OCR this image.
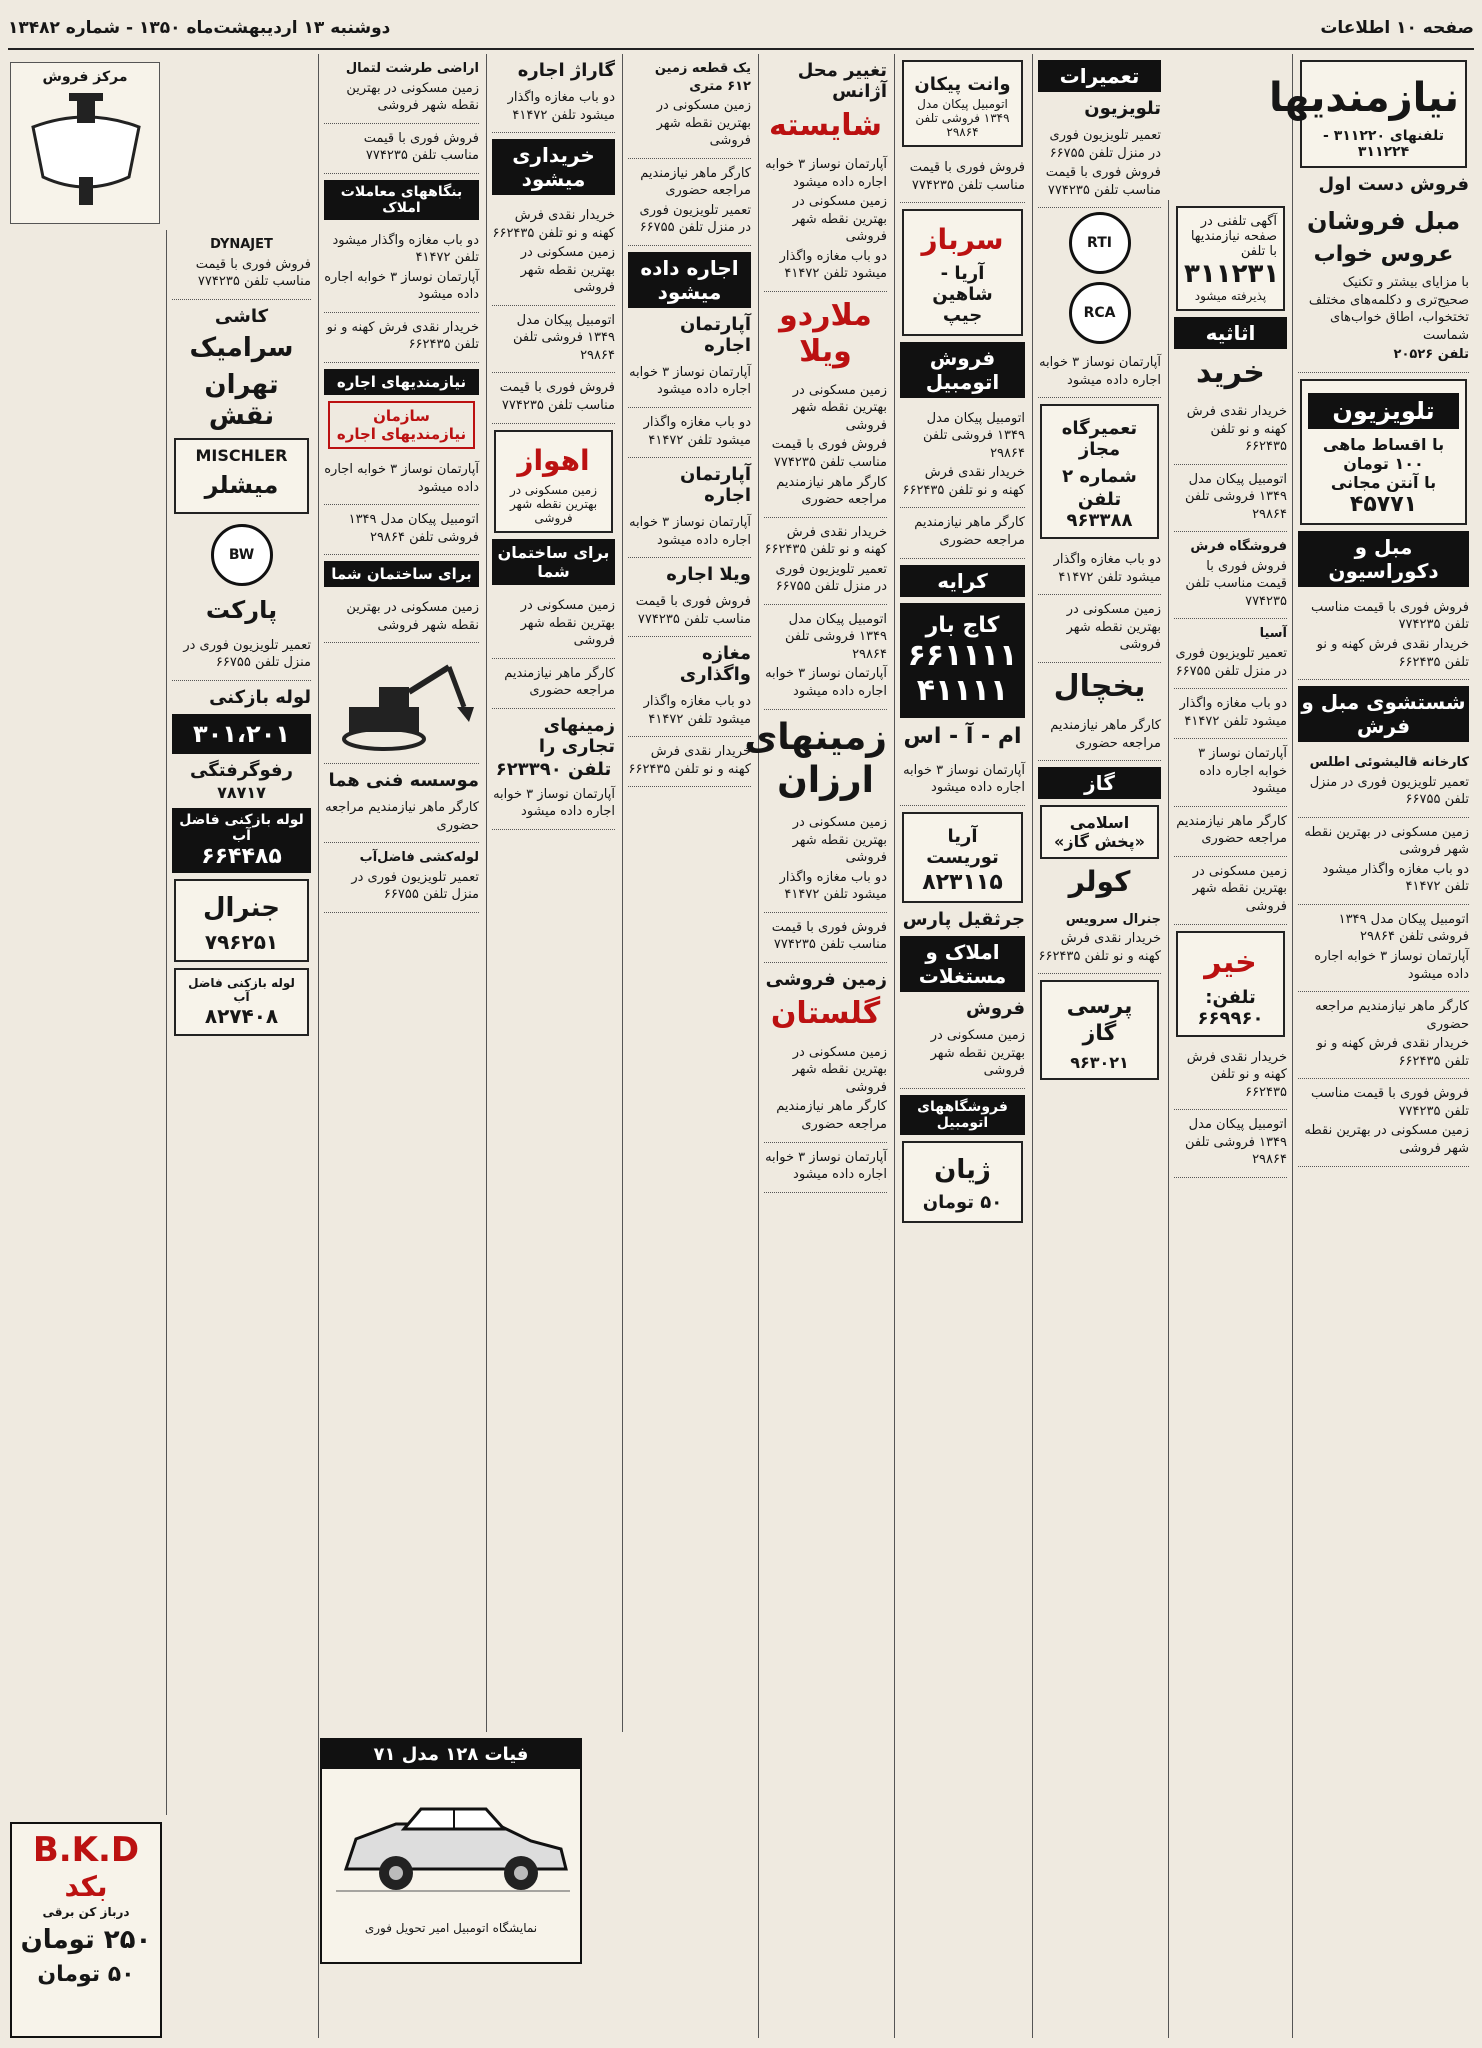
صفحه ۱۰ اطلاعات
دوشنبه ۱۳ اردیبهشت‌ماه ۱۳۵۰ - شماره ۱۳۴۸۲
نیازمندیها
تلفنهای ۳۱۱۲۲۰ - ۳۱۱۲۲۴
فروش دست اول
مبل فروشان
عروس خواب

با مزایای بیشتر و تکنیک صحیح‌تری و دکلمه‌های مختلف تختخواب، اطاق خواب‌های شماست

تلفن ۲۰۵۲۶

تلویزیون
با اقساط ماهی ۱۰۰ تومان
با آنتن مجانی
۴۵۷۷۱
مبل و دکوراسیون

فروش فوری با قیمت مناسب تلفن ۷۷۴۲۳۵

خریدار نقدی فرش کهنه و نو تلفن ۶۶۲۴۳۵

شستشوی مبل و فرش

کارخانه قالیشوئی اطلس

تعمیر تلویزیون فوری در منزل تلفن ۶۶۷۵۵

زمین مسکونی در بهترین نقطه شهر فروشی

دو باب مغازه واگذار میشود تلفن ۴۱۴۷۲

اتومبیل پیکان مدل ۱۳۴۹ فروشی تلفن ۲۹۸۶۴

آپارتمان نوساز ۳ خوابه اجاره داده میشود

کارگر ماهر نیازمندیم مراجعه حضوری

خریدار نقدی فرش کهنه و نو تلفن ۶۶۲۴۳۵

فروش فوری با قیمت مناسب تلفن ۷۷۴۲۳۵

زمین مسکونی در بهترین نقطه شهر فروشی

آگهی تلفنی در صفحه نیازمندیها با تلفن

۳۱۱۲۳۱

پذیرفته میشود

اثاثیه
خرید

خریدار نقدی فرش کهنه و نو تلفن ۶۶۲۴۳۵

اتومبیل پیکان مدل ۱۳۴۹ فروشی تلفن ۲۹۸۶۴

فروشگاه فرش

فروش فوری با قیمت مناسب تلفن ۷۷۴۲۳۵

آسیا

تعمیر تلویزیون فوری در منزل تلفن ۶۶۷۵۵

دو باب مغازه واگذار میشود تلفن ۴۱۴۷۲

آپارتمان نوساز ۳ خوابه اجاره داده میشود

کارگر ماهر نیازمندیم مراجعه حضوری

زمین مسکونی در بهترین نقطه شهر فروشی

خیر
تلفن: ۶۶۹۹۶۰

خریدار نقدی فرش کهنه و نو تلفن ۶۶۲۴۳۵

اتومبیل پیکان مدل ۱۳۴۹ فروشی تلفن ۲۹۸۶۴

تعمیرات
تلویزیون

تعمیر تلویزیون فوری در منزل تلفن ۶۶۷۵۵

فروش فوری با قیمت مناسب تلفن ۷۷۴۲۳۵

RTI RCA

آپارتمان نوساز ۳ خوابه اجاره داده میشود

تعمیرگاه مجاز
شماره ۲
تلفن ۹۶۳۳۸۸

دو باب مغازه واگذار میشود تلفن ۴۱۴۷۲

زمین مسکونی در بهترین نقطه شهر فروشی

یخچال

کارگر ماهر نیازمندیم مراجعه حضوری

گاز
اسلامی «پخش گاز»
کولر

جنرال سرویس

خریدار نقدی فرش کهنه و نو تلفن ۶۶۲۴۳۵

پرسی گاز
۹۶۳۰۲۱
وانت پیکان

اتومبیل پیکان مدل ۱۳۴۹ فروشی تلفن ۲۹۸۶۴

فروش فوری با قیمت مناسب تلفن ۷۷۴۲۳۵

سرباز
آریا - شاهین جیپ
فروش اتومبیل

اتومبیل پیکان مدل ۱۳۴۹ فروشی تلفن ۲۹۸۶۴

خریدار نقدی فرش کهنه و نو تلفن ۶۶۲۴۳۵

کارگر ماهر نیازمندیم مراجعه حضوری

کرایه
کاج بار
۶۶۱۱۱۱
۴۱۱۱۱
ام - آ - اس

آپارتمان نوساز ۳ خوابه اجاره داده میشود

آریا توریست
۸۲۳۱۱۵
جرثقیل پارس
املاک و مستغلات
فروش

زمین مسکونی در بهترین نقطه شهر فروشی

فروشگاههای اتومبیل
ژیان
۵۰ تومان
تغییر محل آژانس
شایسته

آپارتمان نوساز ۳ خوابه اجاره داده میشود

زمین مسکونی در بهترین نقطه شهر فروشی

دو باب مغازه واگذار میشود تلفن ۴۱۴۷۲

ملاردو ویلا

زمین مسکونی در بهترین نقطه شهر فروشی

فروش فوری با قیمت مناسب تلفن ۷۷۴۲۳۵

کارگر ماهر نیازمندیم مراجعه حضوری

خریدار نقدی فرش کهنه و نو تلفن ۶۶۲۴۳۵

تعمیر تلویزیون فوری در منزل تلفن ۶۶۷۵۵

اتومبیل پیکان مدل ۱۳۴۹ فروشی تلفن ۲۹۸۶۴

آپارتمان نوساز ۳ خوابه اجاره داده میشود

زمینهای ارزان

زمین مسکونی در بهترین نقطه شهر فروشی

دو باب مغازه واگذار میشود تلفن ۴۱۴۷۲

فروش فوری با قیمت مناسب تلفن ۷۷۴۲۳۵

زمین فروشی
گلستان

زمین مسکونی در بهترین نقطه شهر فروشی

کارگر ماهر نیازمندیم مراجعه حضوری

آپارتمان نوساز ۳ خوابه اجاره داده میشود

یک قطعه زمین ۶۱۲ متری

زمین مسکونی در بهترین نقطه شهر فروشی

کارگر ماهر نیازمندیم مراجعه حضوری

تعمیر تلویزیون فوری در منزل تلفن ۶۶۷۵۵

اجاره داده میشود
آپارتمان اجاره

آپارتمان نوساز ۳ خوابه اجاره داده میشود

دو باب مغازه واگذار میشود تلفن ۴۱۴۷۲

آپارتمان اجاره

آپارتمان نوساز ۳ خوابه اجاره داده میشود

ویلا اجاره

فروش فوری با قیمت مناسب تلفن ۷۷۴۲۳۵

مغازه واگذاری

دو باب مغازه واگذار میشود تلفن ۴۱۴۷۲

خریدار نقدی فرش کهنه و نو تلفن ۶۶۲۴۳۵

گاراژ اجاره

دو باب مغازه واگذار میشود تلفن ۴۱۴۷۲

خریداری میشود

خریدار نقدی فرش کهنه و نو تلفن ۶۶۲۴۳۵

زمین مسکونی در بهترین نقطه شهر فروشی

اتومبیل پیکان مدل ۱۳۴۹ فروشی تلفن ۲۹۸۶۴

فروش فوری با قیمت مناسب تلفن ۷۷۴۲۳۵

اهواز

زمین مسکونی در بهترین نقطه شهر فروشی

برای ساختمان شما

زمین مسکونی در بهترین نقطه شهر فروشی

کارگر ماهر نیازمندیم مراجعه حضوری

زمینهای تجاری را
تلفن ۶۲۳۳۹۰

آپارتمان نوساز ۳ خوابه اجاره داده میشود

اراضی طرشت لتمال

زمین مسکونی در بهترین نقطه شهر فروشی

فروش فوری با قیمت مناسب تلفن ۷۷۴۲۳۵

بنگاههای معاملات املاک

دو باب مغازه واگذار میشود تلفن ۴۱۴۷۲

آپارتمان نوساز ۳ خوابه اجاره داده میشود

خریدار نقدی فرش کهنه و نو تلفن ۶۶۲۴۳۵

نیازمندیهای اجاره
سازمان نیازمندیهای اجاره

آپارتمان نوساز ۳ خوابه اجاره داده میشود

اتومبیل پیکان مدل ۱۳۴۹ فروشی تلفن ۲۹۸۶۴

برای ساختمان شما

زمین مسکونی در بهترین نقطه شهر فروشی

موسسه فنی هما

کارگر ماهر نیازمندیم مراجعه حضوری

لوله‌کشی فاضل‌آب

تعمیر تلویزیون فوری در منزل تلفن ۶۶۷۵۵

DYNAJET

فروش فوری با قیمت مناسب تلفن ۷۷۴۲۳۵

کاشی
سرامیک
تهران نقش
MISCHLER
میشلر
BW
پارکت

تعمیر تلویزیون فوری در منزل تلفن ۶۶۷۵۵

لوله بازکنی
۳۰۱،۲۰۱
رفوگرفتگی
۷۸۷۱۷
لوله بازکنی فاضل آب
۶۶۴۴۸۵
جنرال
۷۹۶۲۵۱
لوله بازکنی فاضل آب
۸۲۷۴۰۸
مرکز فروش
B.K.D
بکد

درباز کن برقی

۲۵۰ تومان
۵۰ تومان
فیات ۱۲۸ مدل ۷۱
نمایشگاه اتومبیل امیر تحویل فوری
